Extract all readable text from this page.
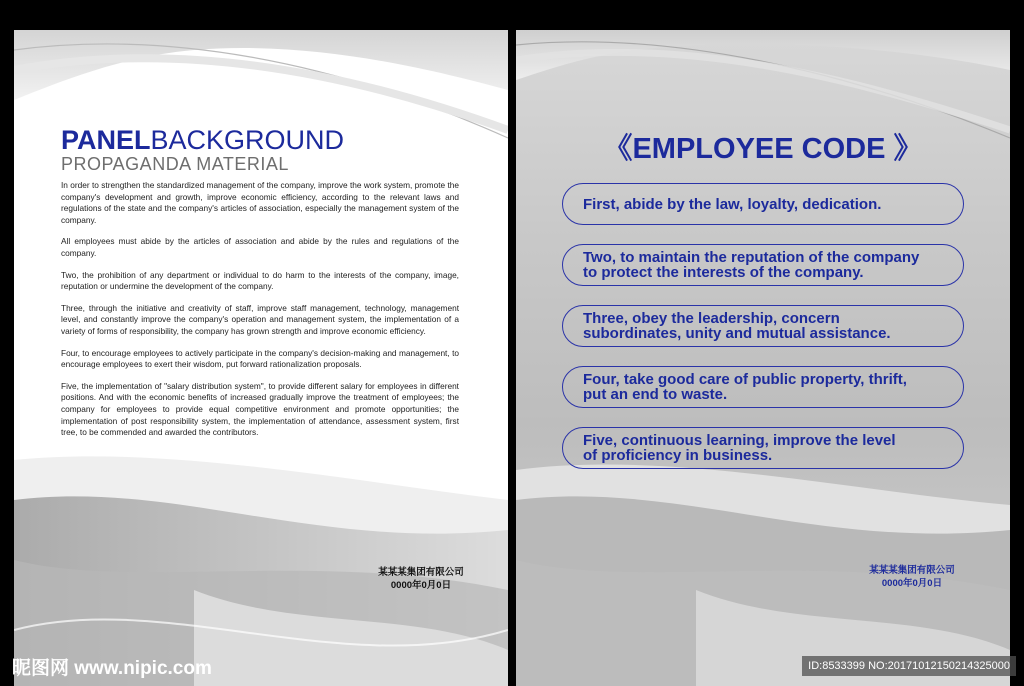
PANELBACKGROUND
PROPAGANDA MATERIAL

In order to strengthen the standardized management of the company, improve the work system, promote the company's development and growth, improve economic efficiency, according to the relevant laws and regulations of the state and the company's articles of association, especially the management system of the company.

All employees must abide by the articles of association and abide by the rules and regulations of the company.

Two, the prohibition of any department or individual to do harm to the interests of the company, image, reputation or undermine the development of the company.

Three, through the initiative and creativity of staff, improve staff management, technology, management level, and constantly improve the company's operation and management system, the implementation of a variety of forms of responsibility, the company has grown strength and improve economic efficiency.

Four, to encourage employees to actively participate in the company's decision-making and management, to encourage employees to exert their wisdom, put forward rationalization proposals.

Five, the implementation of "salary distribution system", to provide different salary for employees in different positions. And with the economic benefits of increased gradually improve the treatment of employees; the company for employees to provide equal competitive environment and promote opportunities; the implementation of post responsibility system, the implementation of attendance, assessment system, first tree, to be commended and awarded the contributors.

某某某集团有限公司
0000年0月0日
《EMPLOYEE CODE 》
First, abide by the law, loyalty, dedication.
Two, to maintain the reputation of the company
to protect the interests of the company.
Three, obey the leadership, concern
subordinates, unity and mutual assistance.
Four, take good care of public property, thrift,
put an end to waste.
Five, continuous learning, improve the level
of proficiency in business.
某某某集团有限公司
0000年0月0日
昵图网 www.nipic.com	ID:8533399 NO:20171012150214325000
